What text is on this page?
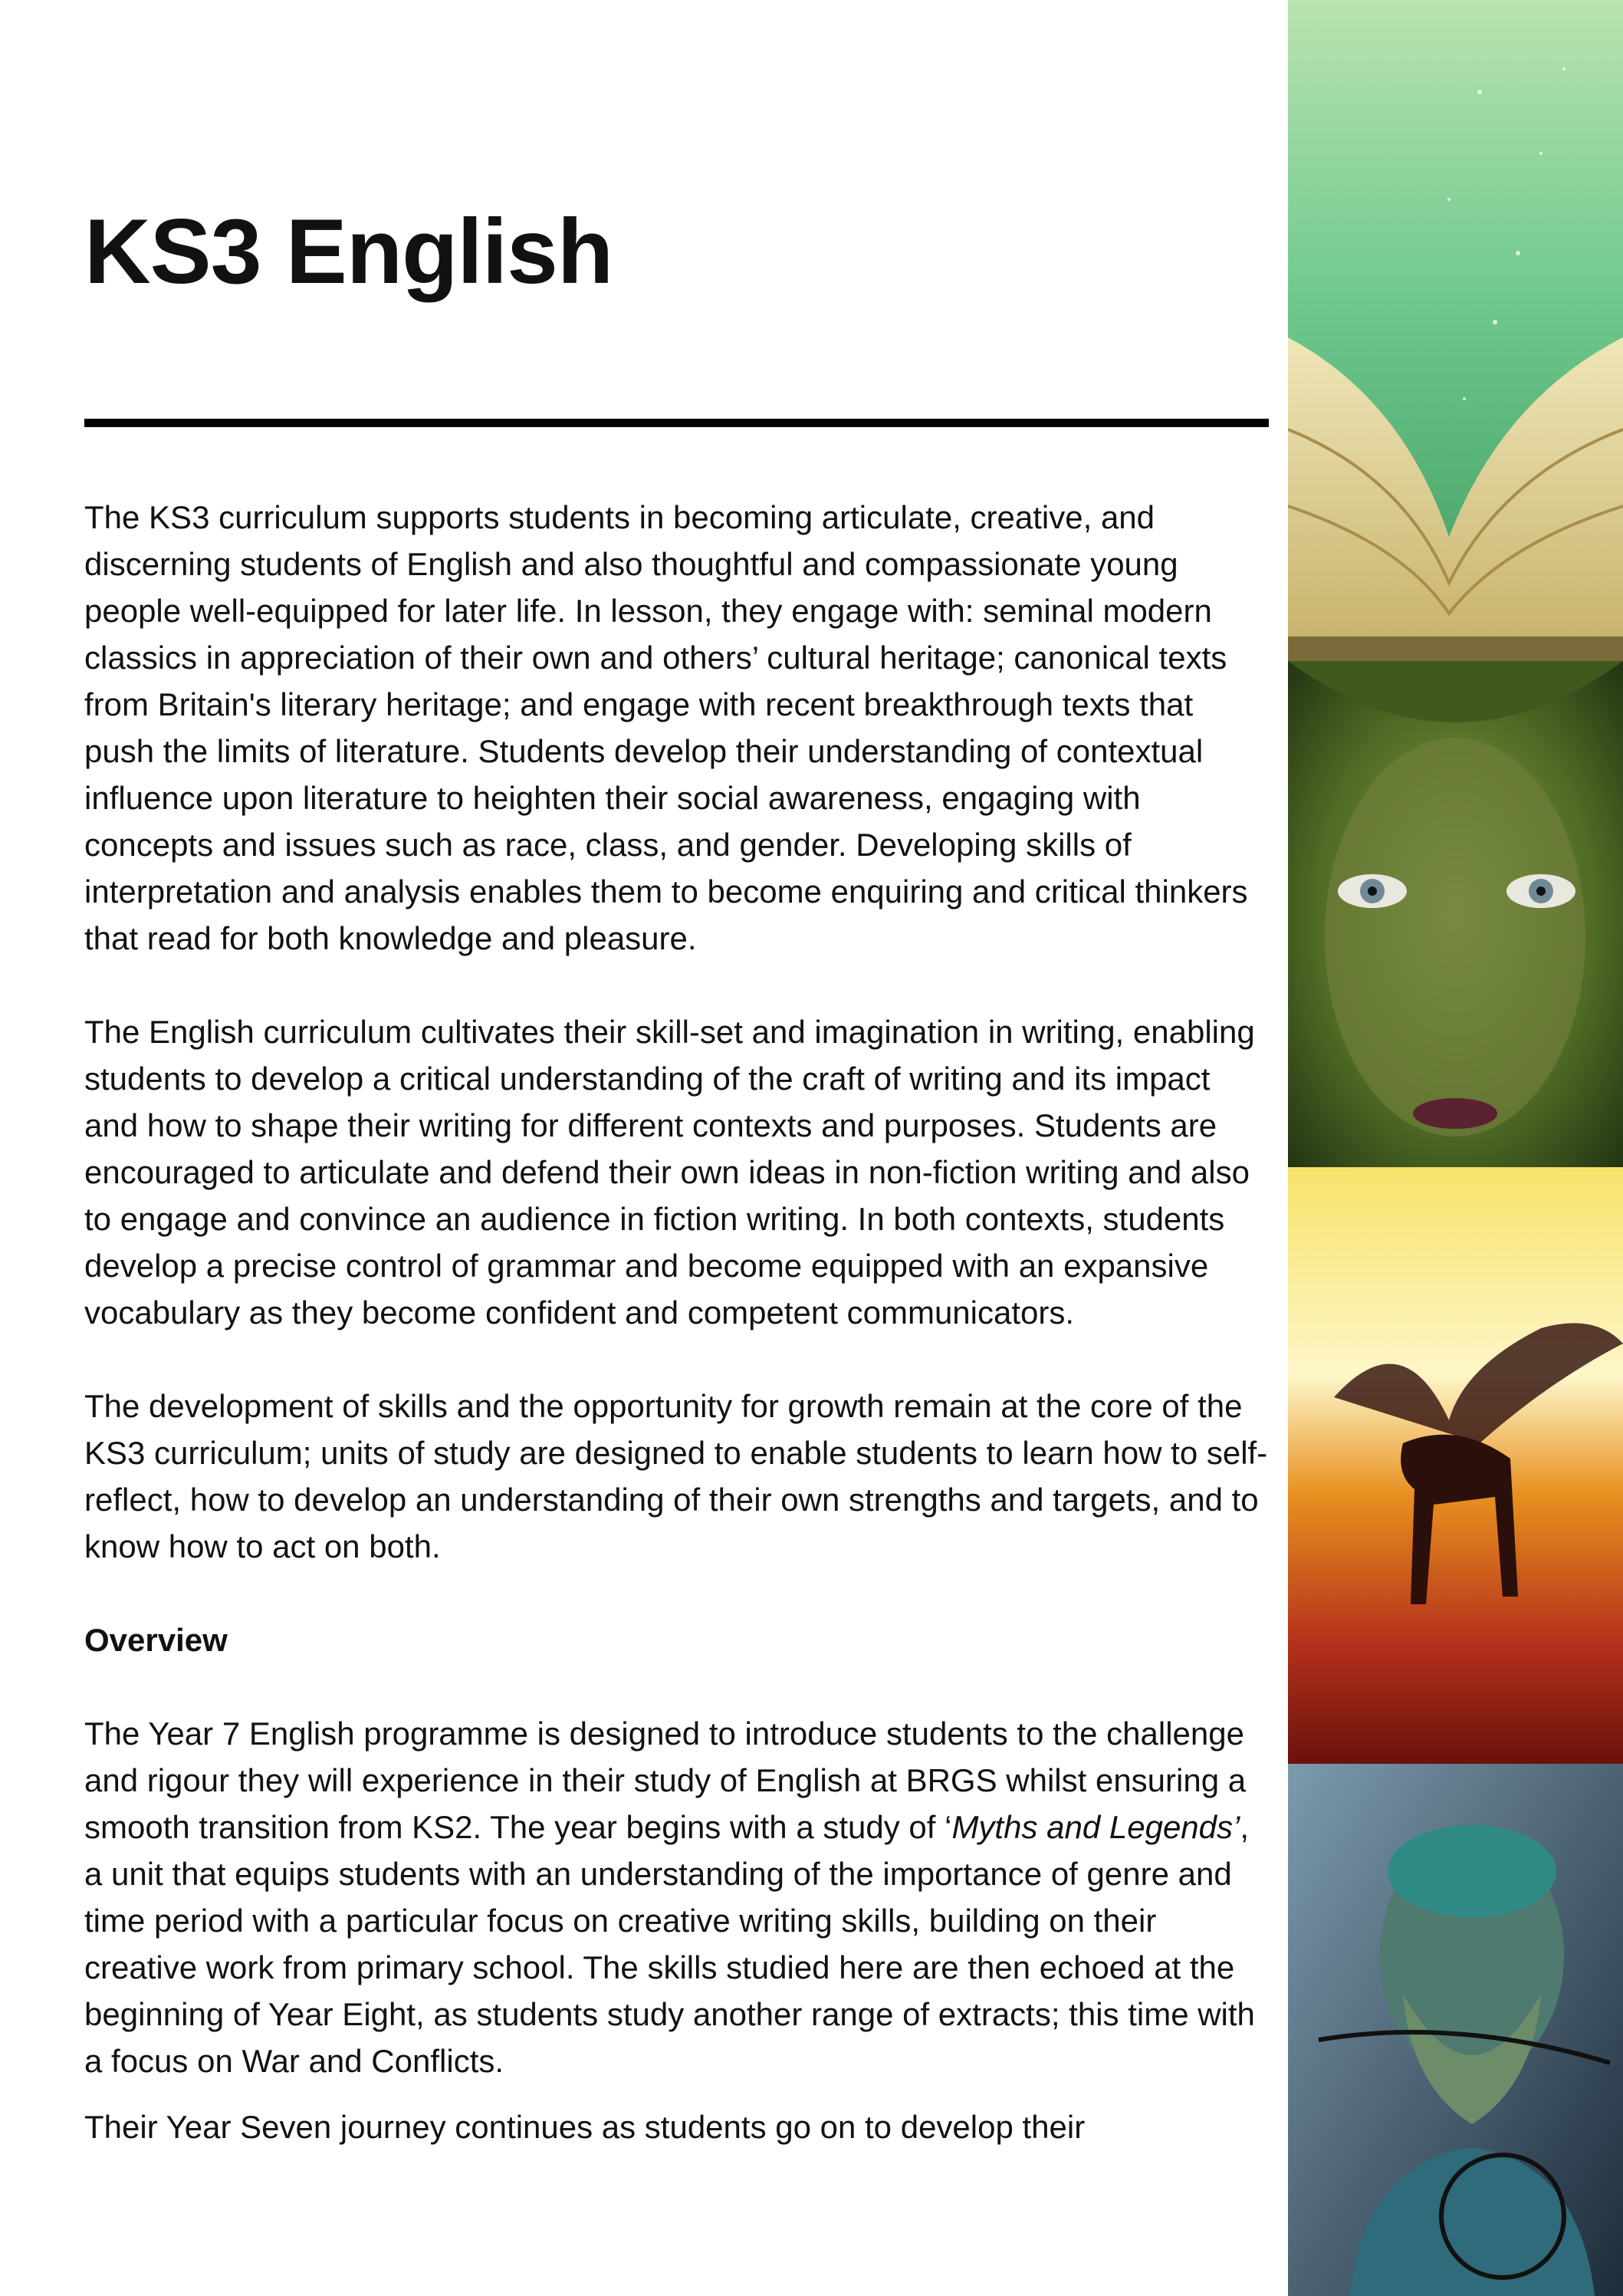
KS3 English

The KS3 curriculum supports students in becoming articulate, creative, and discerning students of English and also thoughtful and compassionate young people well-equipped for later life. In lesson, they engage with: seminal modern classics in appreciation of their own and others’ cultural heritage; canonical texts from Britain's literary heritage; and engage with recent breakthrough texts that push the limits of literature. Students develop their understanding of contextual influence upon literature to heighten their social awareness, engaging with concepts and issues such as race, class, and gender. Developing skills of interpretation and analysis enables them to become enquiring and critical thinkers that read for both knowledge and pleasure.

The English curriculum cultivates their skill-set and imagination in writing, enabling students to develop a critical understanding of the craft of writing and its impact and how to shape their writing for different contexts and purposes. Students are encouraged to articulate and defend their own ideas in non-fiction writing and also to engage and convince an audience in fiction writing. In both contexts, students develop a precise control of grammar and become equipped with an expansive vocabulary as they become confident and competent communicators.

The development of skills and the opportunity for growth remain at the core of the KS3 curriculum; units of study are designed to enable students to learn how to self-reflect, how to develop an understanding of their own strengths and targets, and to know how to act on both.

Overview

The Year 7 English programme is designed to introduce students to the challenge and rigour they will experience in their study of English at BRGS whilst ensuring a smooth transition from KS2. The year begins with a study of ‘Myths and Legends’, a unit that equips students with an understanding of the importance of genre and time period with a particular focus on creative writing skills, building on their creative work from primary school. The skills studied here are then echoed at the beginning of Year Eight, as students study another range of extracts; this time with a focus on War and Conflicts.

Their Year Seven journey continues as students go on to develop their
